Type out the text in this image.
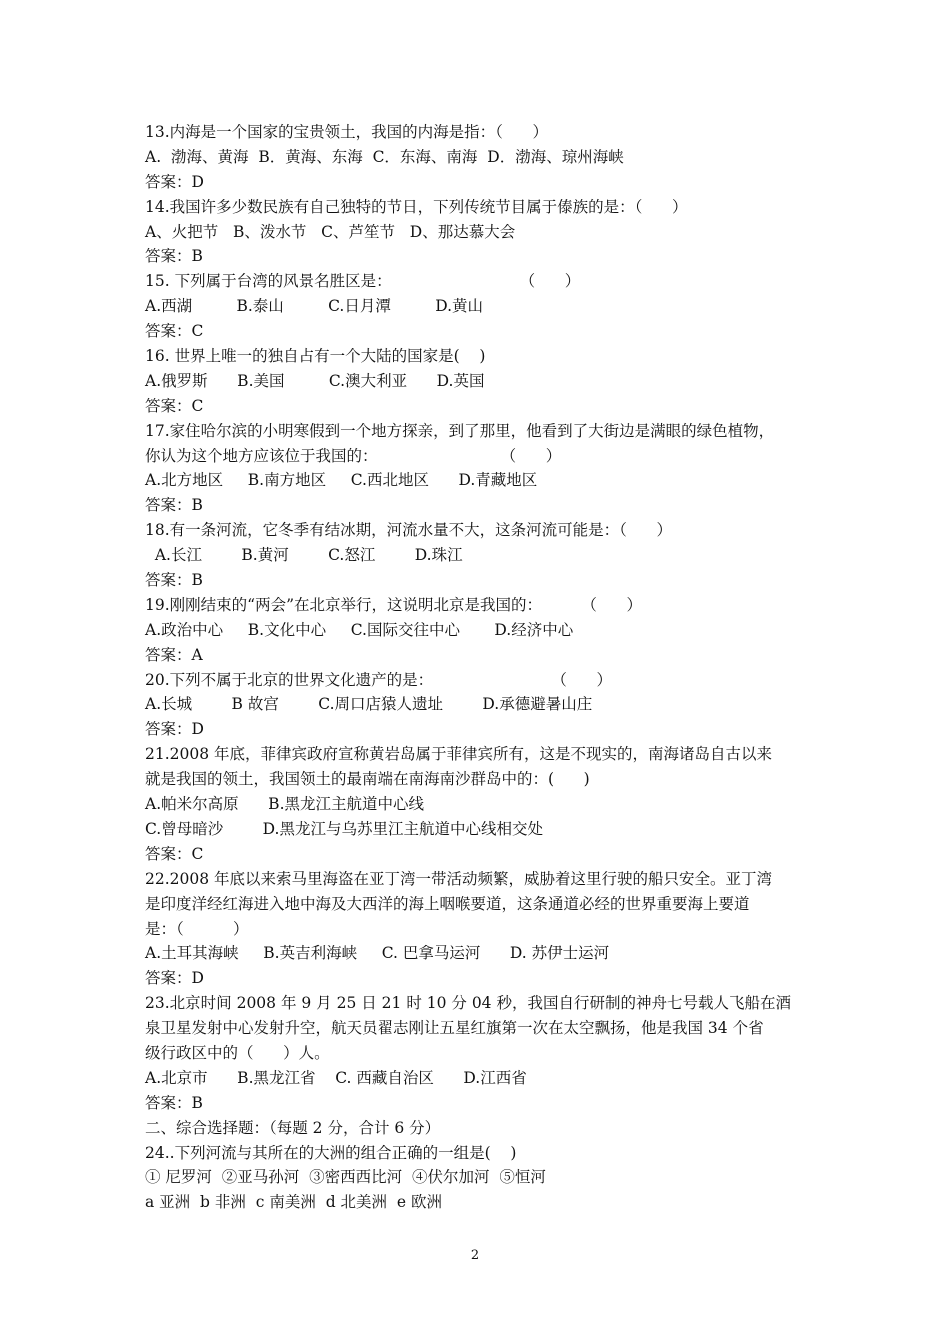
13.内海是一个国家的宝贵领土，我国的内海是指：（      ）
A.  渤海、黄海  B．黄海、东海  C．东海、南海  D．渤海、琼州海峡
答案：D
14.我国许多少数民族有自己独特的节日，下列传统节目属于傣族的是：（      ）
A、火把节   B、泼水节   C、芦笙节   D、那达慕大会
答案：B
15. 下列属于台湾的风景名胜区是：                          （      ）
A.西湖         B.泰山         C.日月潭         D.黄山
答案：C
16. 世界上唯一的独自占有一个大陆的国家是(    )
A.俄罗斯      B.美国         C.澳大利亚      D.英国
答案：C
17.家住哈尔滨的小明寒假到一个地方探亲，到了那里，他看到了大街边是满眼的绿色植物，
你认为这个地方应该位于我国的：                         （      ）
A.北方地区     B.南方地区     C.西北地区      D.青藏地区
答案：B
18.有一条河流，它冬季有结冰期，河流水量不大，这条河流可能是：（      ）
A.长江        B.黄河        C.怒江        D.珠江
答案：B
19.刚刚结束的“两会”在北京举行，这说明北京是我国的：        （      ）
A.政治中心     B.文化中心     C.国际交往中心       D.经济中心
答案：A
20.下列不属于北京的世界文化遗产的是：                        （      ）
A.长城        B 故宫        C.周口店猿人遗址        D.承德避暑山庄
答案：D
21.2008 年底，菲律宾政府宣称黄岩岛属于菲律宾所有，这是不现实的，南海诸岛自古以来
就是我国的领土，我国领土的最南端在南海南沙群岛中的：(      )
A.帕米尔高原      B.黑龙江主航道中心线
C.曾母暗沙        D.黑龙江与乌苏里江主航道中心线相交处
答案：C
22.2008 年底以来索马里海盗在亚丁湾一带活动频繁，威胁着这里行驶的船只安全。亚丁湾
是印度洋经红海进入地中海及大西洋的海上咽喉要道，这条通道必经的世界重要海上要道
是：（          ）
A.土耳其海峡     B.英吉利海峡     C. 巴拿马运河      D. 苏伊士运河
答案：D
23.北京时间 2008 年 9 月 25 日 21 时 10 分 04 秒，我国自行研制的神舟七号载人飞船在酒
泉卫星发射中心发射升空，航天员翟志刚让五星红旗第一次在太空飘扬，他是我国 34 个省
级行政区中的（      ）人。
A.北京市      B.黑龙江省    C. 西藏自治区      D.江西省
答案：B
二、综合选择题：（每题 2 分，合计 6 分）
24..下列河流与其所在的大洲的组合正确的一组是(    )
① 尼罗河  ②亚马孙河  ③密西西比河  ④伏尔加河  ⑤恒河
a 亚洲  b 非洲  c 南美洲  d 北美洲  e 欧洲
2
